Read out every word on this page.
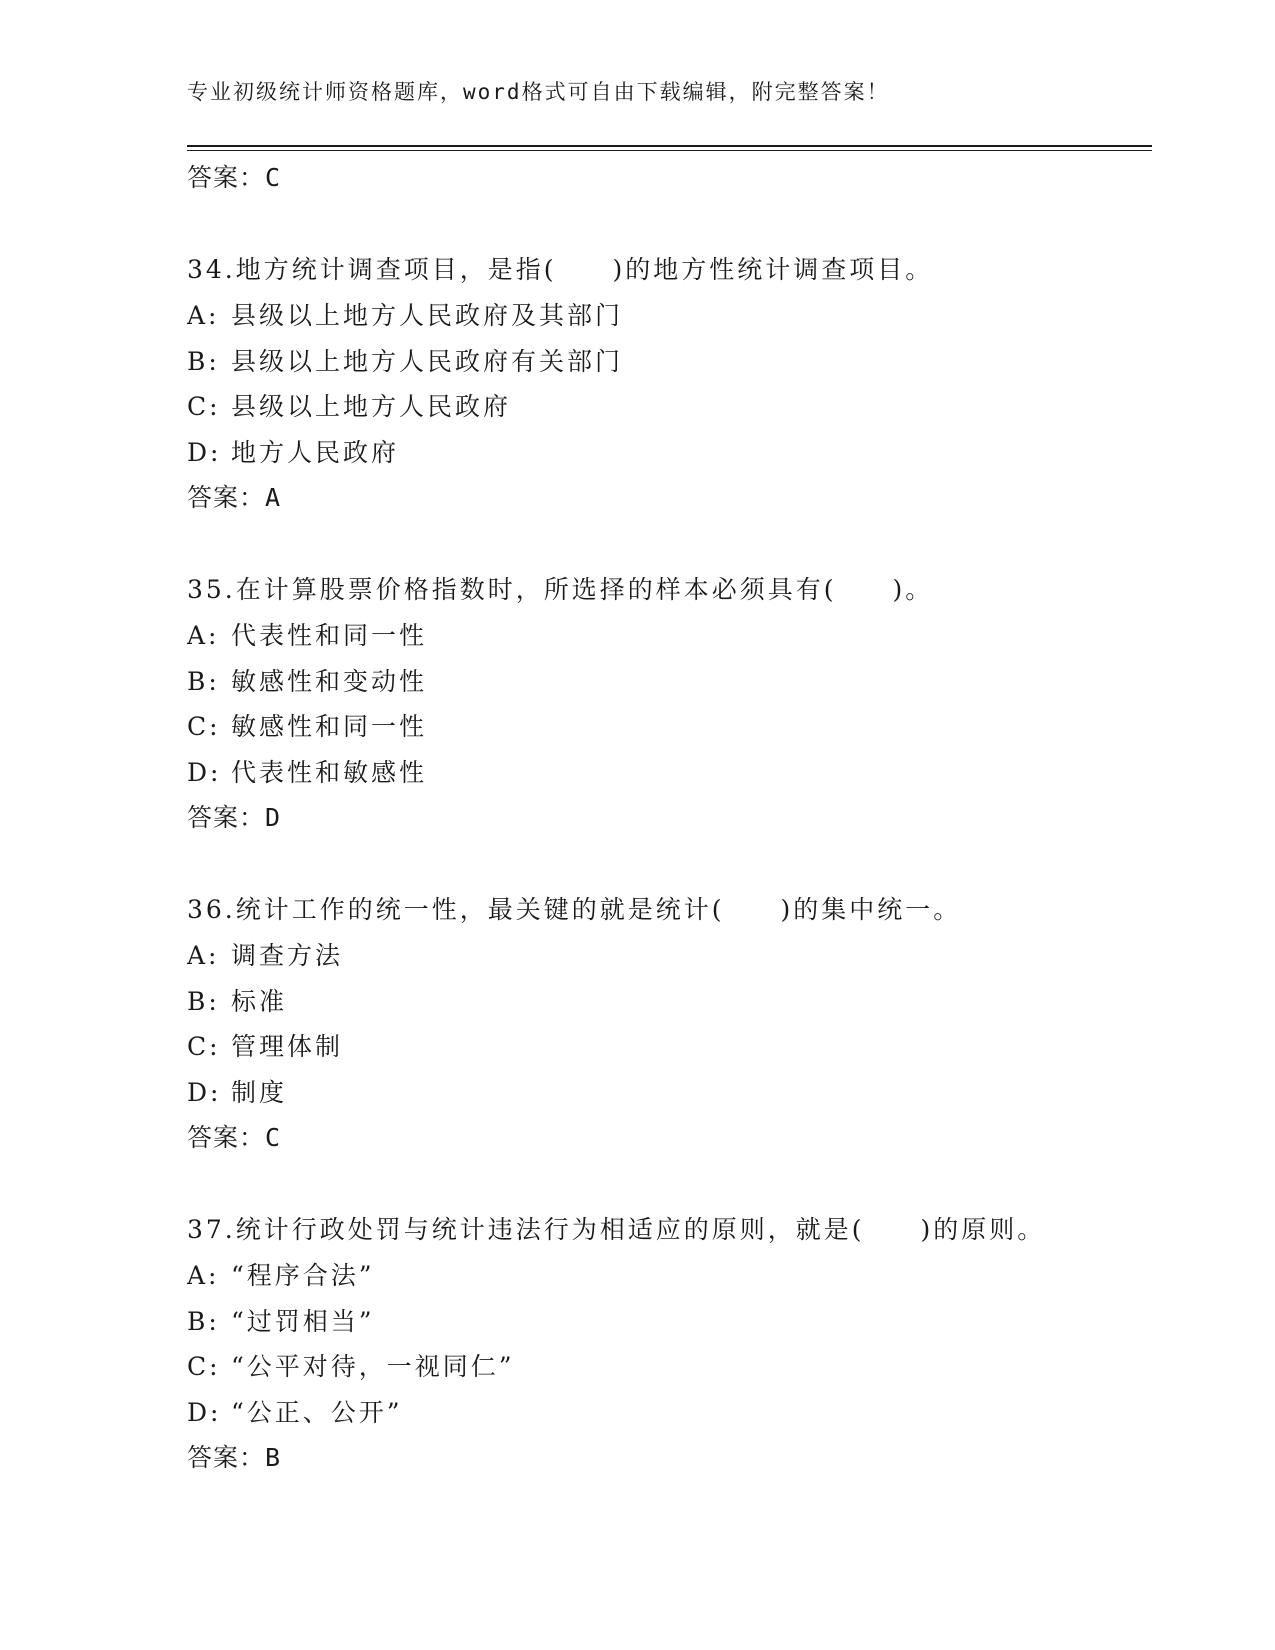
专业初级统计师资格题库，word格式可自由下载编辑，附完整答案！
答案：C
34.地方统计调查项目，是指(　　)的地方性统计调查项目。
A: 县级以上地方人民政府及其部门
B: 县级以上地方人民政府有关部门
C: 县级以上地方人民政府
D: 地方人民政府
答案：A
35.在计算股票价格指数时，所选择的样本必须具有(　　)。
A: 代表性和同一性
B: 敏感性和变动性
C: 敏感性和同一性
D: 代表性和敏感性
答案：D
36.统计工作的统一性，最关键的就是统计(　　)的集中统一。
A: 调查方法
B: 标准
C: 管理体制
D: 制度
答案：C
37.统计行政处罚与统计违法行为相适应的原则，就是(　　)的原则。
A: “程序合法”
B: “过罚相当”
C: “公平对待，一视同仁”
D: “公正、公开”
答案：B
